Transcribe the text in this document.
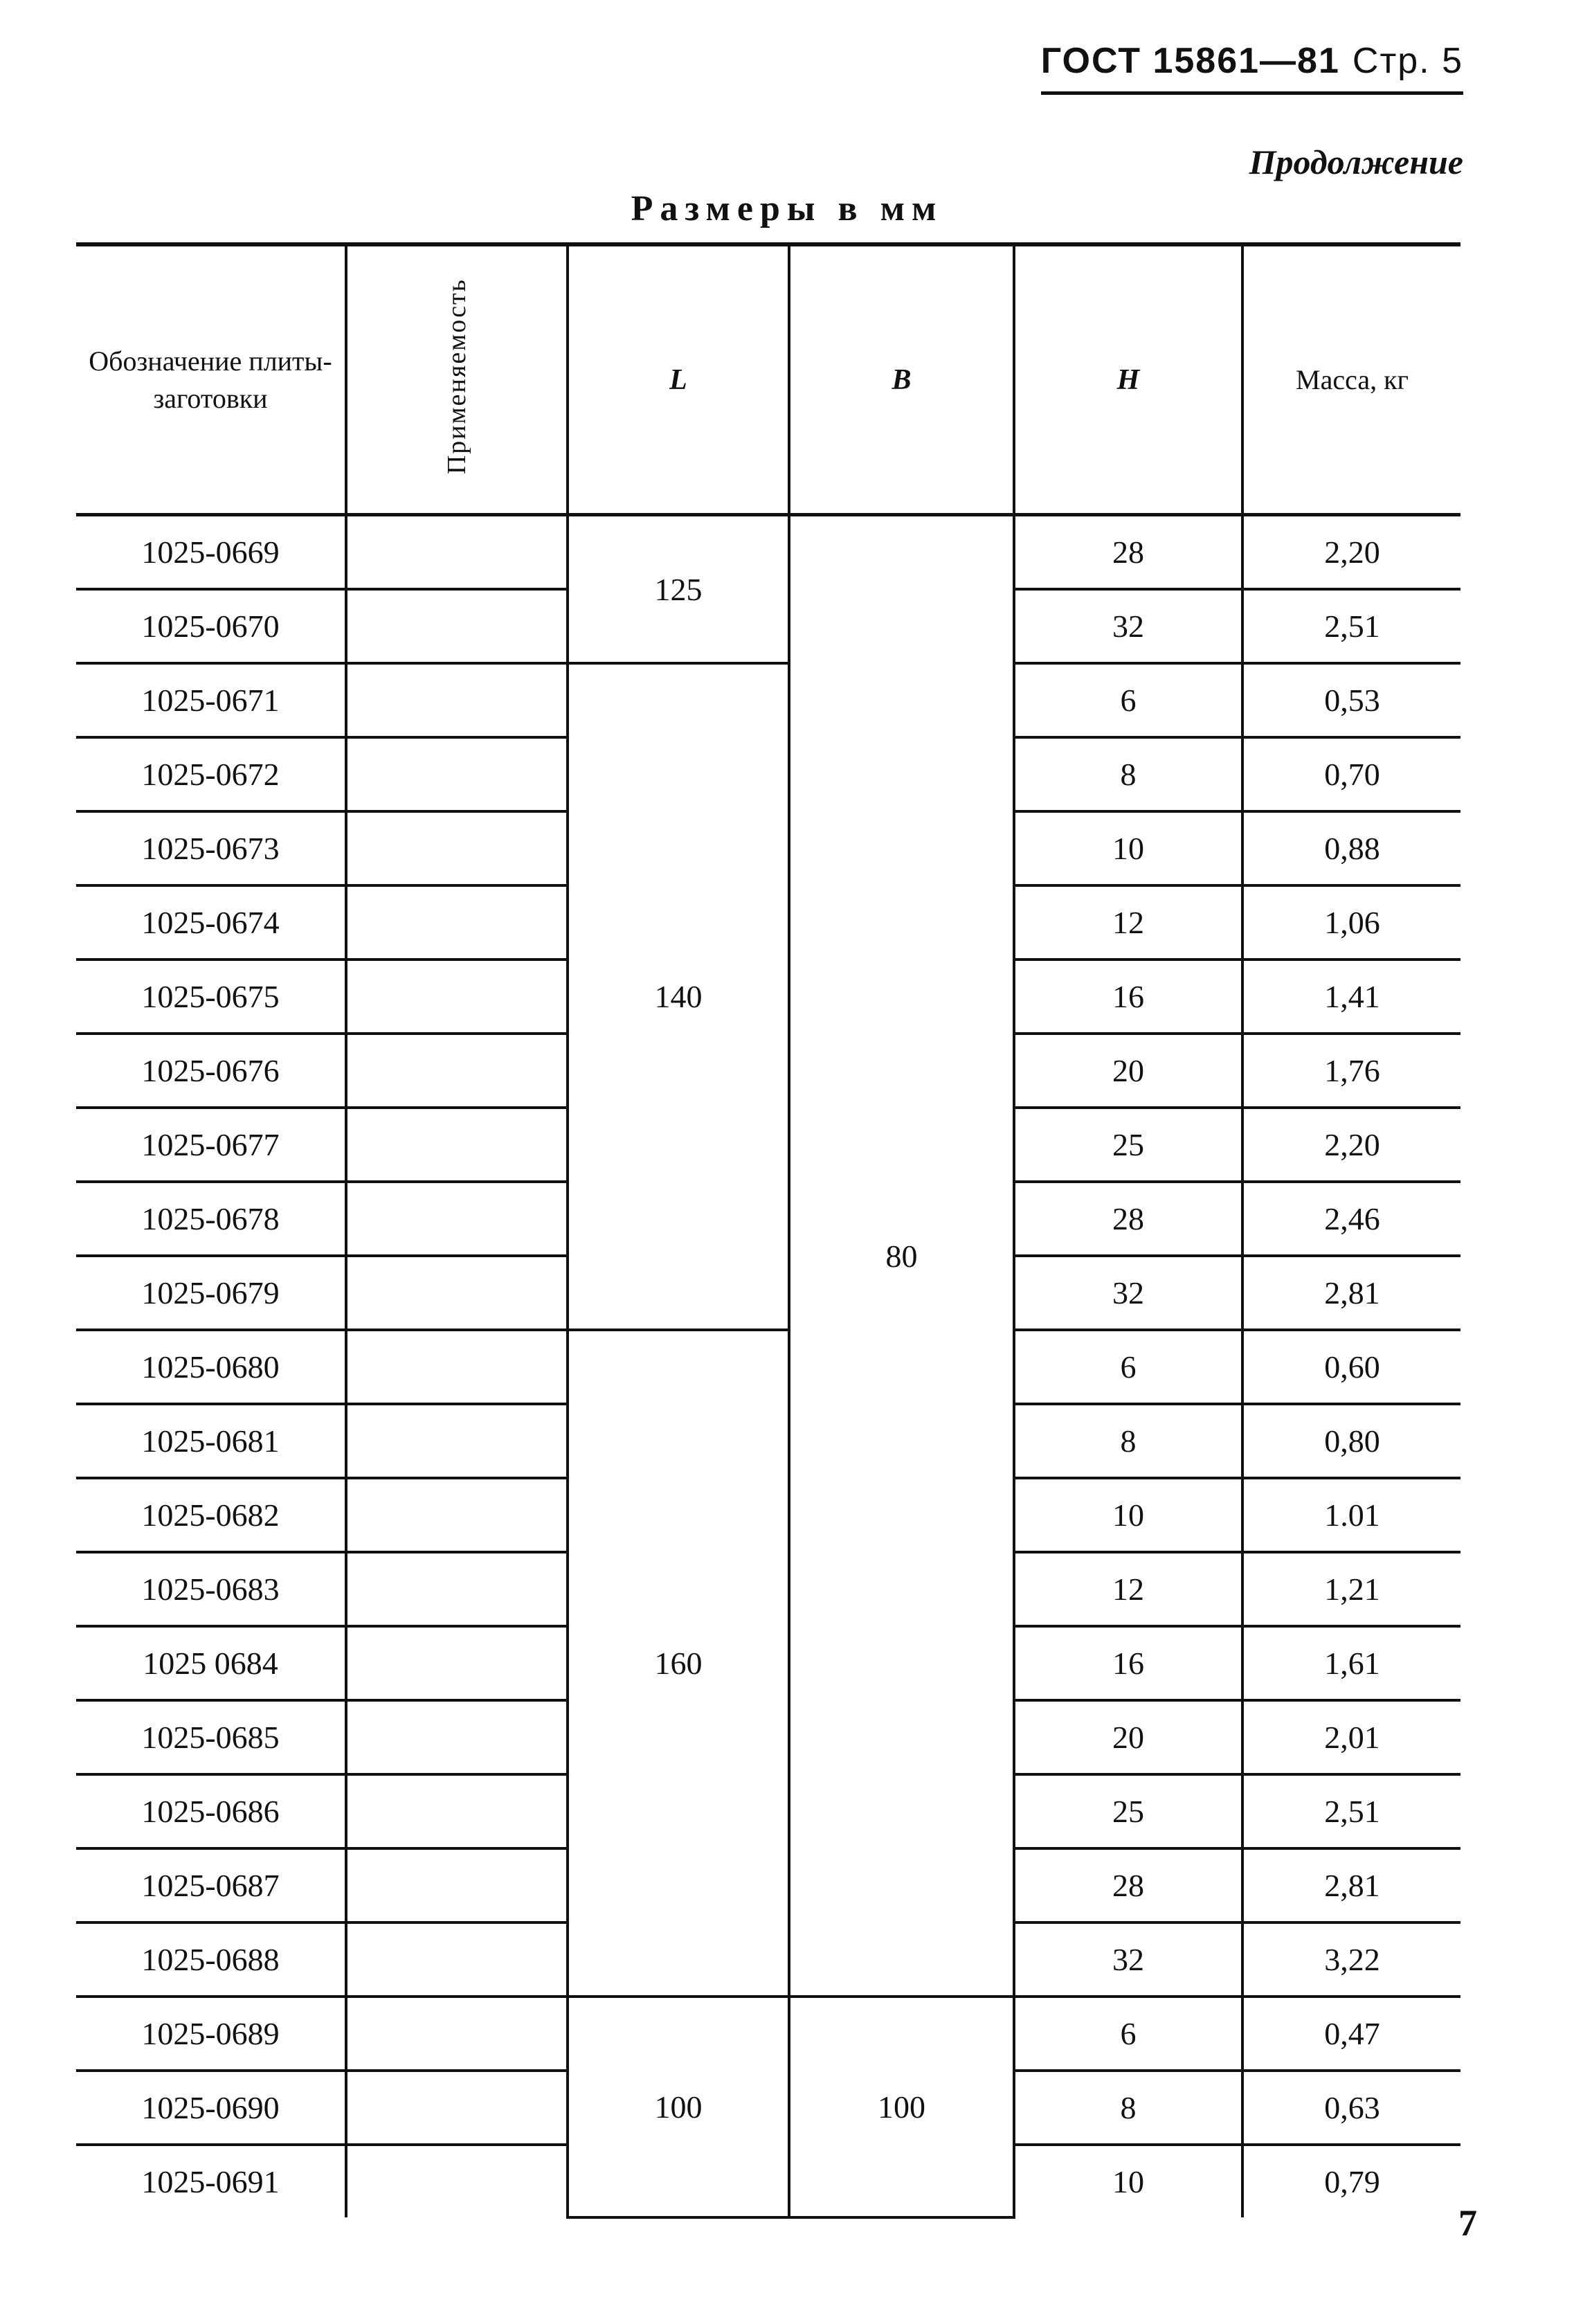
ГОСТ 15861—81 Стр. 5
Продолжение
Размеры в мм
Обозначение плиты-заготовки	Применяемость	L	B	H	Масса, кг
1025-0669		125	80	28	2,20
1025-0670				32	2,51
1025-0671		140		6	0,53
1025-0672				8	0,70
1025-0673				10	0,88
1025-0674				12	1,06
1025-0675				16	1,41
1025-0676				20	1,76
1025-0677				25	2,20
1025-0678				28	2,46
1025-0679				32	2,81
1025-0680		160		6	0,60
1025-0681				8	0,80
1025-0682				10	1.01
1025-0683				12	1,21
1025 0684				16	1,61
1025-0685				20	2,01
1025-0686				25	2,51
1025-0687				28	2,81
1025-0688				32	3,22
1025-0689		100	100	6	0,47
1025-0690				8	0,63
1025-0691				10	0,79
7
